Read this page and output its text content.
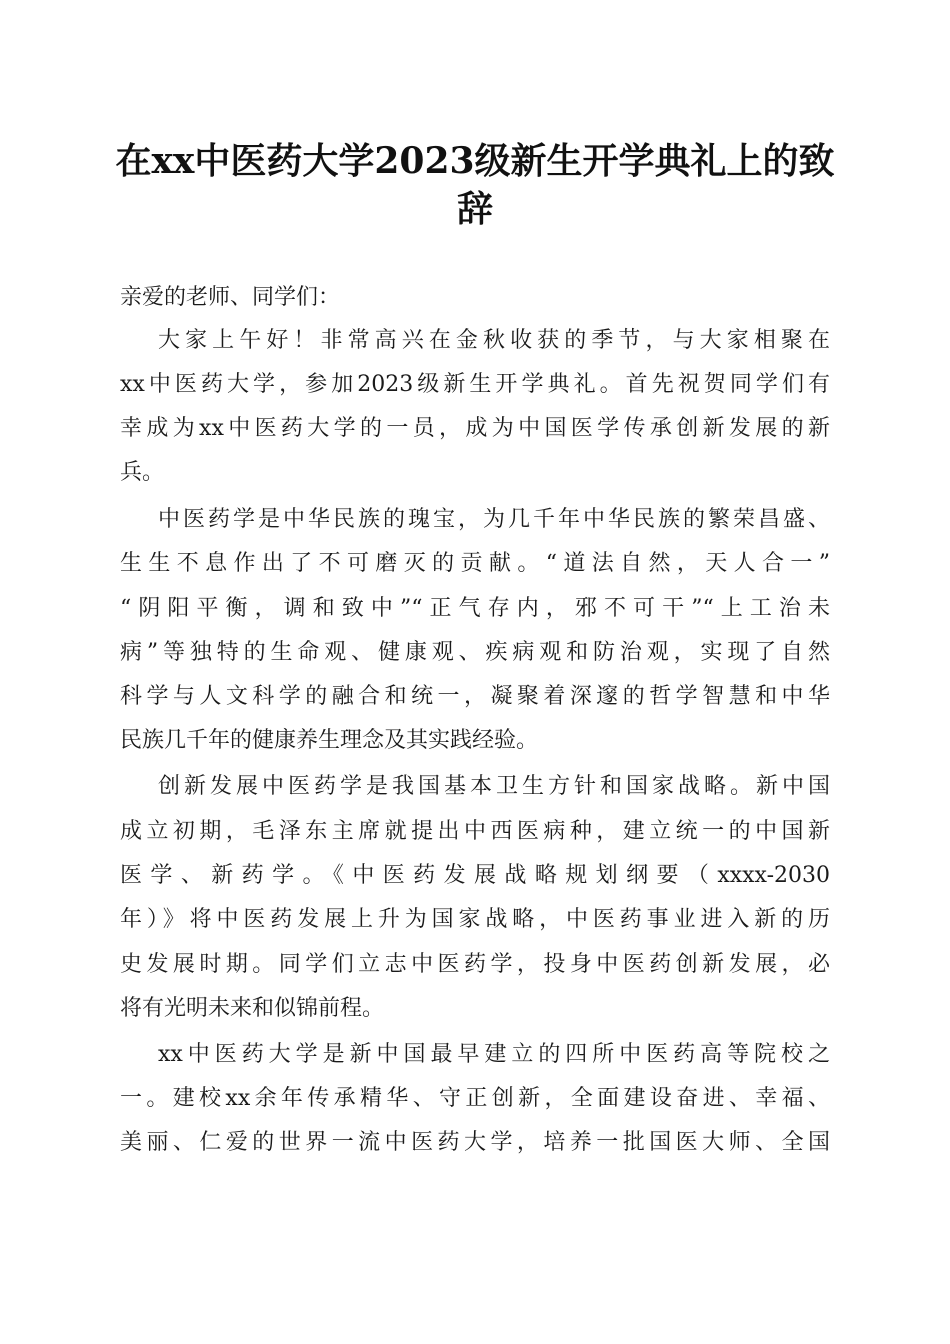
在xx中医药大学2023级新生开学典礼上的致
辞

亲爱的老师、同学们：

大家上午好！非常高兴在金秋收获的季节，与大家相聚在

xx中医药大学，参加2023级新生开学典礼。首先祝贺同学们有

幸成为xx中医药大学的一员，成为中国医学传承创新发展的新

兵。

中医药学是中华民族的瑰宝，为几千年中华民族的繁荣昌盛、

生生不息作出了不可磨灭的贡献。“道法自然，天人合一”

“阴阳平衡，调和致中”“正气存内，邪不可干”“上工治未

病”等独特的生命观、健康观、疾病观和防治观，实现了自然

科学与人文科学的融合和统一，凝聚着深邃的哲学智慧和中华

民族几千年的健康养生理念及其实践经验。

创新发展中医药学是我国基本卫生方针和国家战略。新中国

成立初期，毛泽东主席就提出中西医病种，建立统一的中国新

医学、新药学。《中医药发展战略规划纲要（xxxx-2030

年）》将中医药发展上升为国家战略，中医药事业进入新的历

史发展时期。同学们立志中医药学，投身中医药创新发展，必

将有光明未来和似锦前程。

xx中医药大学是新中国最早建立的四所中医药高等院校之

一。建校xx余年传承精华、守正创新，全面建设奋进、幸福、

美丽、仁爱的世界一流中医药大学，培养一批国医大师、全国
